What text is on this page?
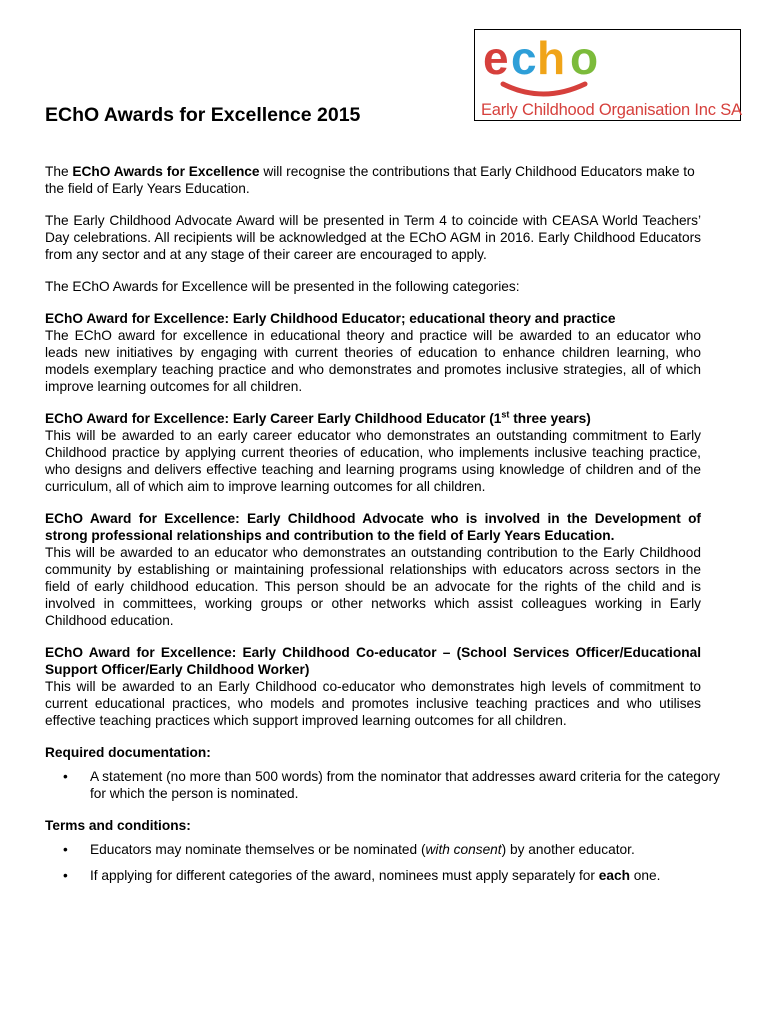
e c h o
Early Childhood Organisation Inc SA
EChO Awards for Excellence 2015

The EChO Awards for Excellence will recognise the contributions that Early Childhood Educators make to the field of Early Years Education.

The Early Childhood Advocate Award will be presented in Term 4 to coincide with CEASA World Teachers’ Day celebrations. All recipients will be acknowledged at the EChO AGM in 2016. Early Childhood Educators from any sector and at any stage of their career are encouraged to apply.

The EChO Awards for Excellence will be presented in the following categories:

EChO Award for Excellence: Early Childhood Educator; educational theory and practice
The EChO award for excellence in educational theory and practice will be awarded to an educator who leads new initiatives by engaging with current theories of education to enhance children learning, who models exemplary teaching practice and who demonstrates and promotes inclusive strategies, all of which improve learning outcomes for all children.
EChO Award for Excellence: Early Career Early Childhood Educator (1st three years)
This will be awarded to an early career educator who demonstrates an outstanding commitment to Early Childhood practice by applying current theories of education, who implements inclusive teaching practice, who designs and delivers effective teaching and learning programs using knowledge of children and of the curriculum, all of which aim to improve learning outcomes for all children.
EChO Award for Excellence: Early Childhood Advocate who is involved in the Development of strong professional relationships and contribution to the field of Early Years Education.
This will be awarded to an educator who demonstrates an outstanding contribution to the Early Childhood community by establishing or maintaining professional relationships with educators across sectors in the field of early childhood education. This person should be an advocate for the rights of the child and is involved in committees, working groups or other networks which assist colleagues working in Early Childhood education.
EChO Award for Excellence: Early Childhood Co-educator – (School Services Officer/Educational Support Officer/Early Childhood Worker)
This will be awarded to an Early Childhood co-educator who demonstrates high levels of commitment to current educational practices, who models and promotes inclusive teaching practices and who utilises effective teaching practices which support improved learning outcomes for all children.
Required documentation:
• A statement (no more than 500 words) from the nominator that addresses award criteria for the category for which the person is nominated.
Terms and conditions:
• Educators may nominate themselves or be nominated (with consent) by another educator.
• If applying for different categories of the award, nominees must apply separately for each one.
